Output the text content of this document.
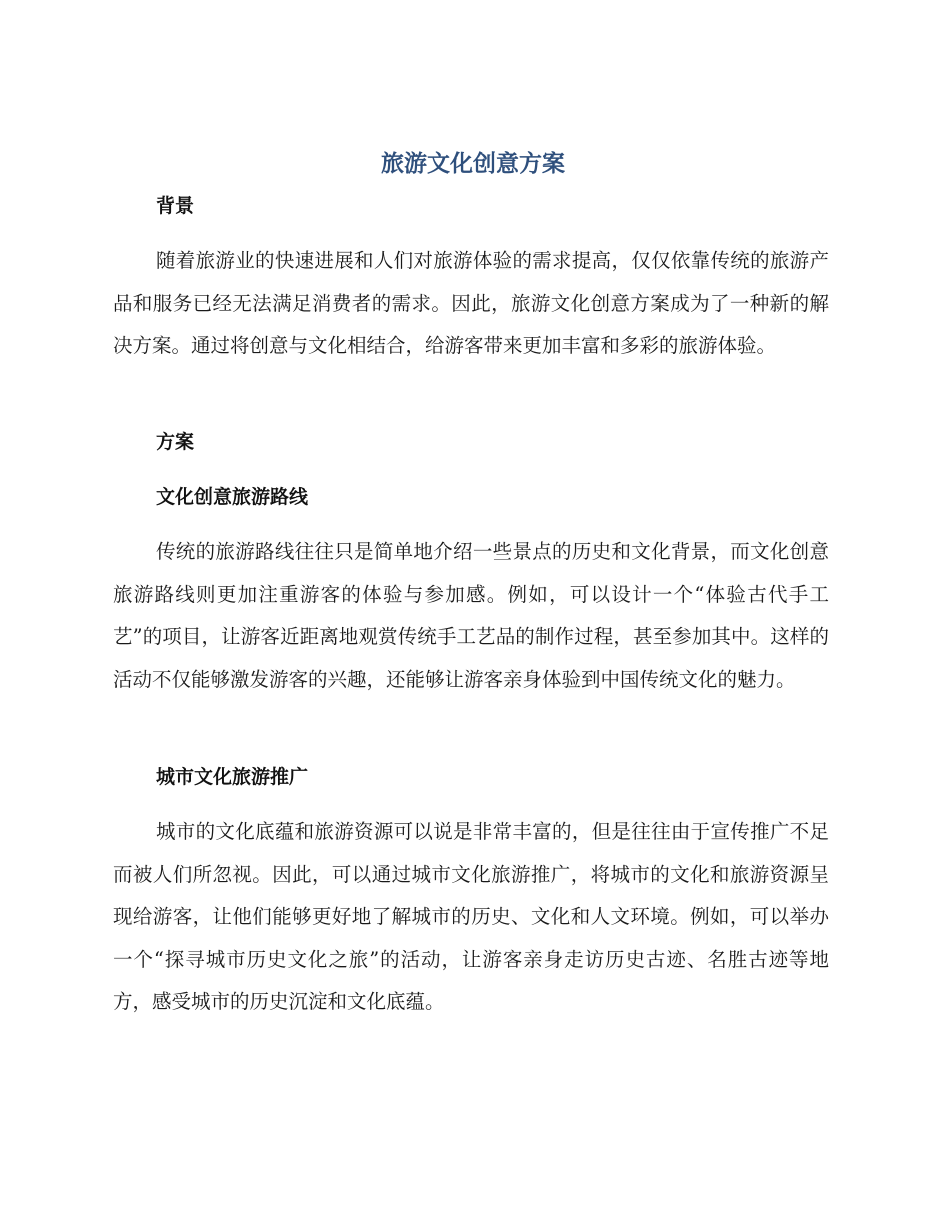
旅游文化创意方案
背景

随着旅游业的快速进展和人们对旅游体验的需求提高，仅仅依靠传统的旅游产品和服务已经无法满足消费者的需求。因此，旅游文化创意方案成为了一种新的解决方案。通过将创意与文化相结合，给游客带来更加丰富和多彩的旅游体验。

方案
文化创意旅游路线

传统的旅游路线往往只是简单地介绍一些景点的历史和文化背景，而文化创意旅游路线则更加注重游客的体验与参加感。例如，可以设计一个“体验古代手工艺”的项目，让游客近距离地观赏传统手工艺品的制作过程，甚至参加其中。这样的活动不仅能够激发游客的兴趣，还能够让游客亲身体验到中国传统文化的魅力。

城市文化旅游推广

城市的文化底蕴和旅游资源可以说是非常丰富的，但是往往由于宣传推广不足而被人们所忽视。因此，可以通过城市文化旅游推广，将城市的文化和旅游资源呈现给游客，让他们能够更好地了解城市的历史、文化和人文环境。例如，可以举办一个“探寻城市历史文化之旅”的活动，让游客亲身走访历史古迹、名胜古迹等地方，感受城市的历史沉淀和文化底蕴。
